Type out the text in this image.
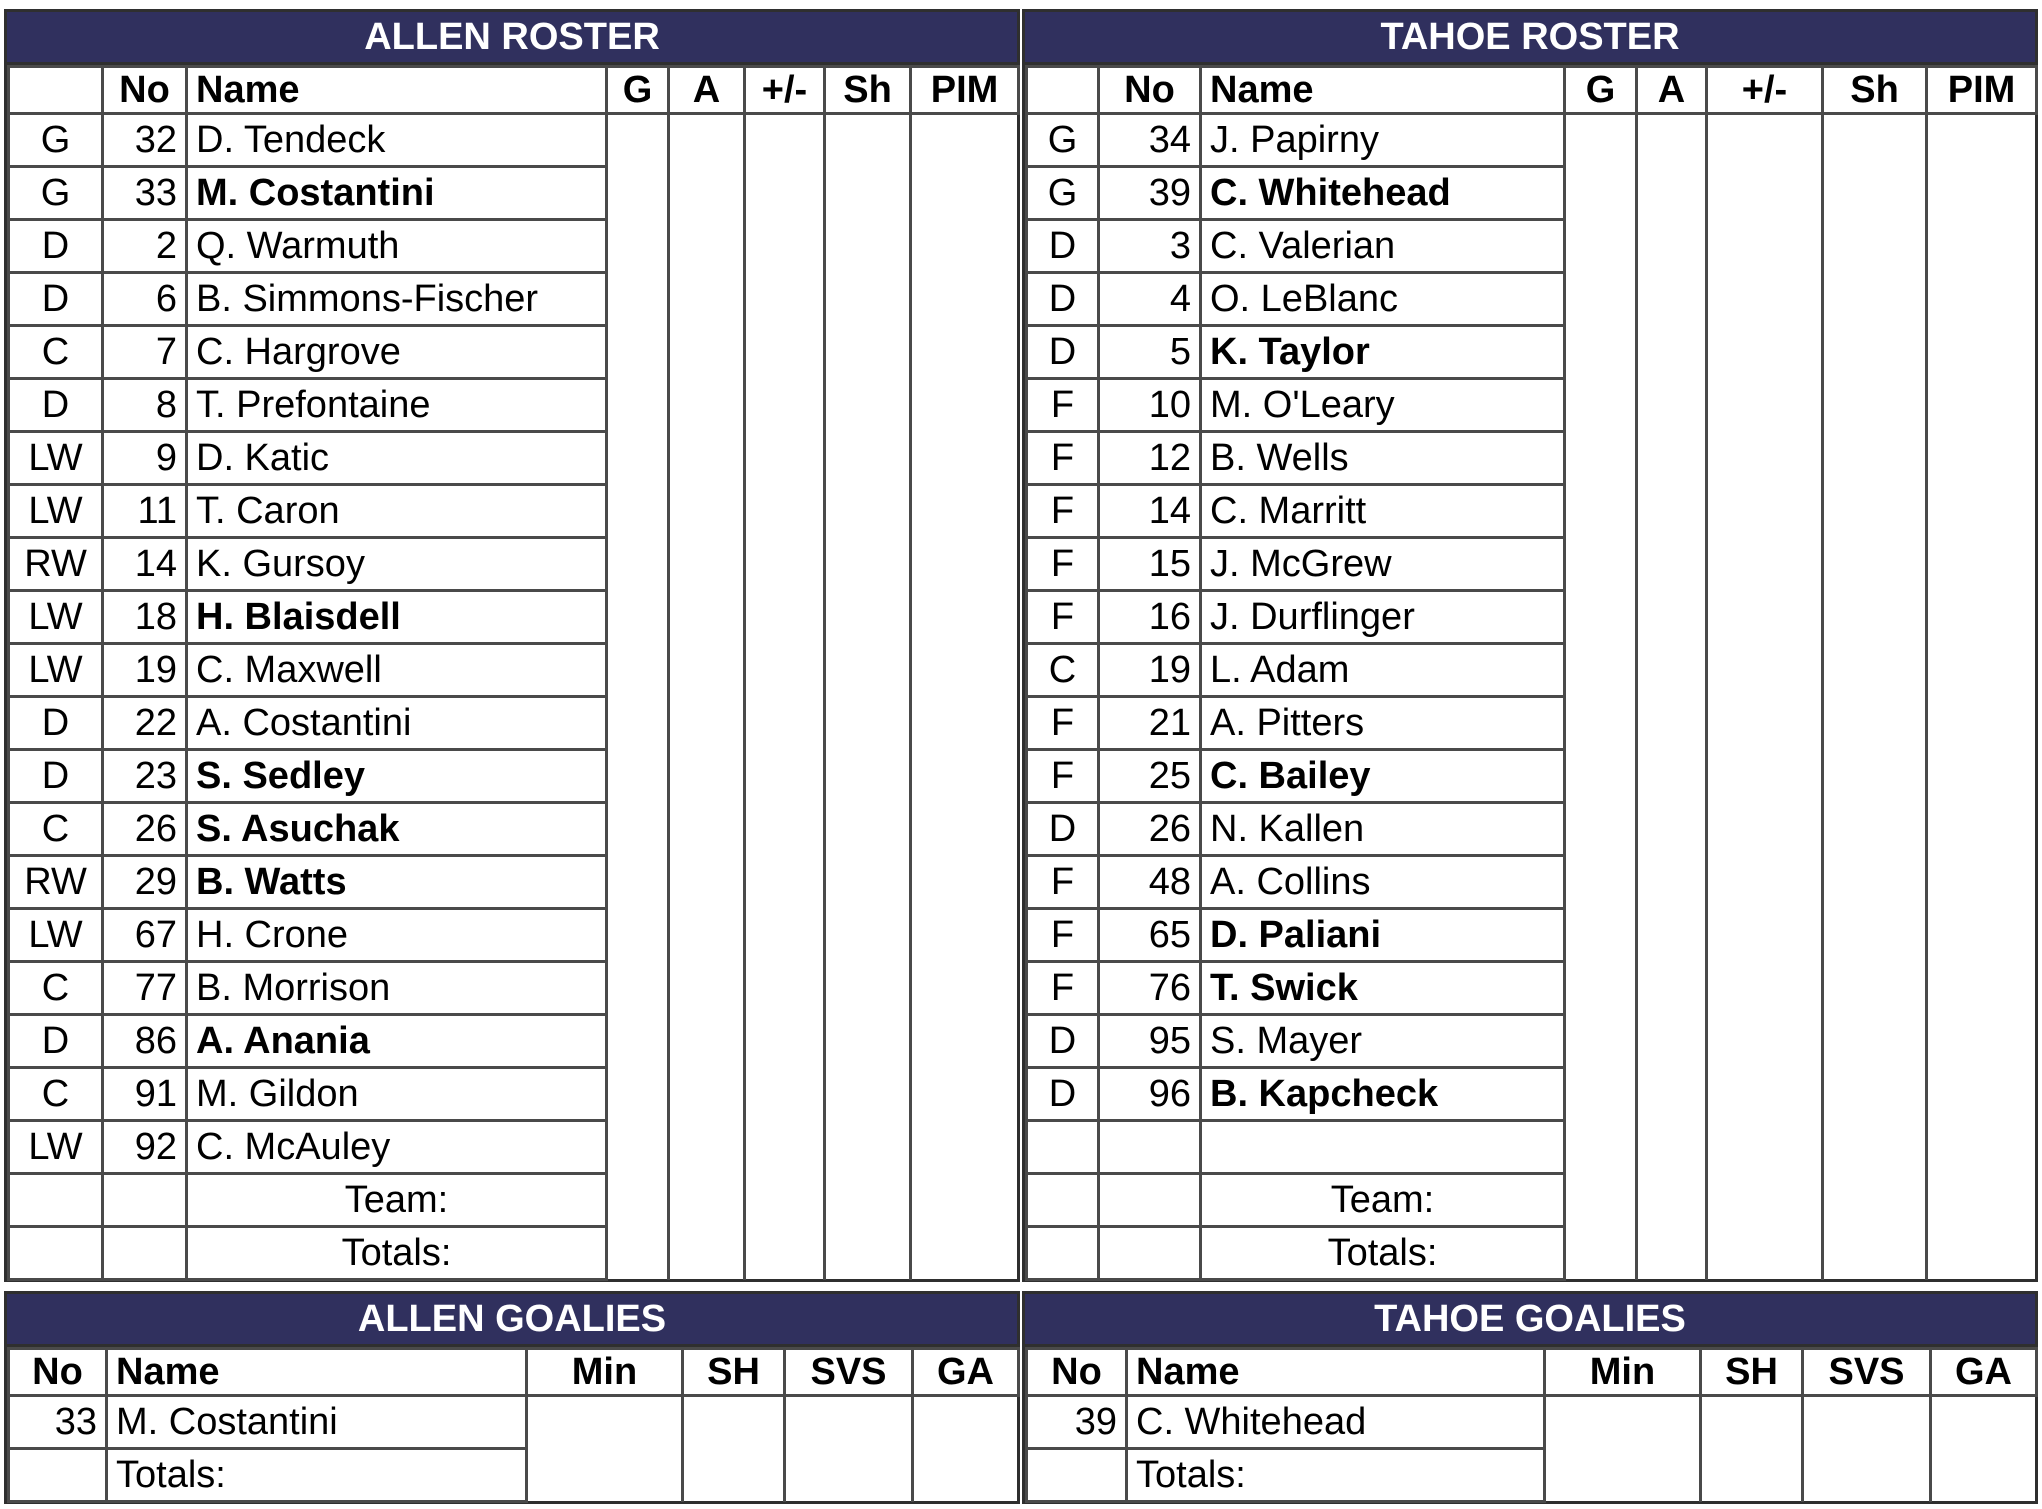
ALLEN ROSTER
	No	Name	G	A	+/-	Sh	PIM
G	32	D. Tendeck					
G	33	M. Costantini					
D	2	Q. Warmuth					
D	6	B. Simmons-Fischer					
C	7	C. Hargrove					
D	8	T. Prefontaine					
LW	9	D. Katic					
LW	11	T. Caron					
RW	14	K. Gursoy					
LW	18	H. Blaisdell					
LW	19	C. Maxwell					
D	22	A. Costantini					
D	23	S. Sedley					
C	26	S. Asuchak					
RW	29	B. Watts					
LW	67	H. Crone					
C	77	B. Morrison					
D	86	A. Anania					
C	91	M. Gildon					
LW	92	C. McAuley					
		Team:					
		Totals:					
TAHOE ROSTER
	No	Name	G	A	+/-	Sh	PIM
G	34	J. Papirny					
G	39	C. Whitehead					
D	3	C. Valerian					
D	4	O. LeBlanc					
D	5	K. Taylor					
F	10	M. O'Leary					
F	12	B. Wells					
F	14	C. Marritt					
F	15	J. McGrew					
F	16	J. Durflinger					
C	19	L. Adam					
F	21	A. Pitters					
F	25	C. Bailey					
D	26	N. Kallen					
F	48	A. Collins					
F	65	D. Paliani					
F	76	T. Swick					
D	95	S. Mayer					
D	96	B. Kapcheck					

		Team:					
		Totals:					
ALLEN GOALIES
No	Name	Min	SH	SVS	GA
33	M. Costantini				
	Totals:				
TAHOE GOALIES
No	Name	Min	SH	SVS	GA
39	C. Whitehead				
	Totals:				
